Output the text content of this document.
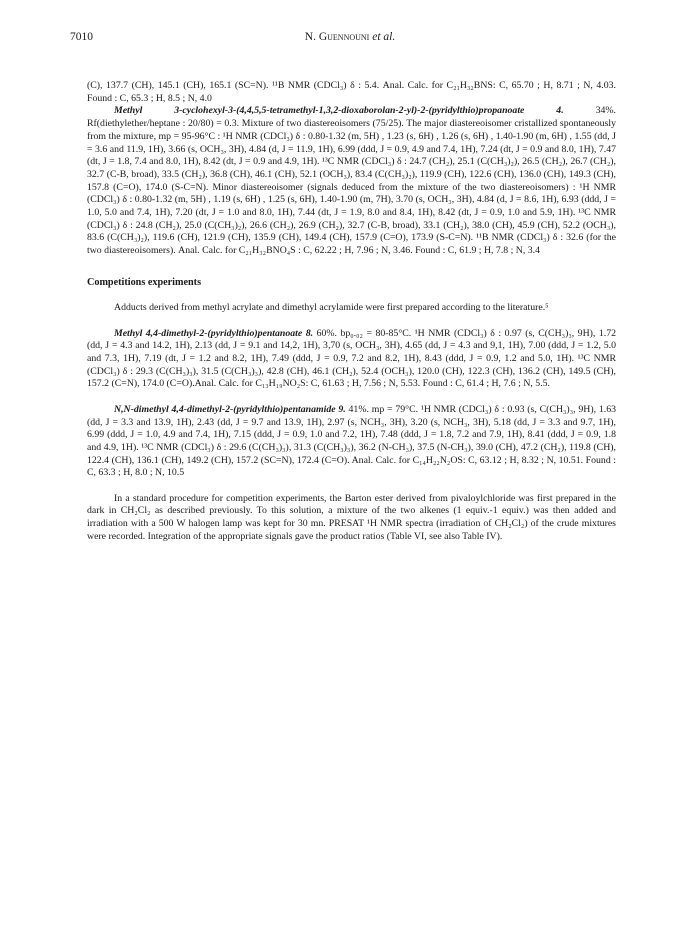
7010	N. Guennouni et al.

(C), 137.7 (CH), 145.1 (CH), 165.1 (SC=N). ¹¹B NMR (CDCl₃) δ : 5.4. Anal. Calc. for C₂₁H₃₂BNS: C, 65.70 ; H, 8.71 ; N, 4.03. Found : C, 65.3 ; H, 8.5 ; N, 4.0

Methyl 3-cyclohexyl-3-(4,4,5,5-tetramethyl-1,3,2-dioxaborolan-2-yl)-2-(pyridylthio)propanoate 4.	34%. Rf(diethylether/heptane : 20/80) = 0.3. Mixture of two diastereoisomers (75/25). The major diastereoisomer cristallized spontaneously from the mixture, mp = 95-96°C : ¹H NMR (CDCl₃) δ : 0.80-1.32 (m, 5H) , 1.23 (s, 6H) , 1.26 (s, 6H) , 1.40-1.90 (m, 6H) , 1.55 (dd, J = 3.6 and 11.9, 1H), 3.66 (s, OCH₃, 3H), 4.84 (d, J = 11.9, 1H), 6.99 (ddd, J = 0.9, 4.9 and 7.4, 1H), 7.24 (dt, J = 0.9 and 8.0, 1H), 7.47 (dt, J = 1.8, 7.4 and 8.0, 1H), 8.42 (dt, J = 0.9 and 4.9, 1H). ¹³C NMR (CDCl₃) δ : 24.7 (CH₂), 25.1 (C(CH₃)₂), 26.5 (CH₂), 26.7 (CH₂), 32.7 (C-B, broad), 33.5 (CH₂), 36.8 (CH), 46.1 (CH), 52.1 (OCH₃), 83.4 (C(CH₃)₂), 119.9 (CH), 122.6 (CH), 136.0 (CH), 149.3 (CH), 157.8 (C=O), 174.0 (S-C=N). Minor diastereoisomer (signals deduced from the mixture of the two diastereoisomers) : ¹H NMR (CDCl₃) δ : 0.80-1.32 (m, 5H) , 1.19 (s, 6H) , 1.25 (s, 6H), 1.40-1.90 (m, 7H), 3.70 (s, OCH₃, 3H), 4.84 (d, J = 8.6, 1H), 6.93 (ddd, J = 1.0, 5.0 and 7.4, 1H), 7.20 (dt, J = 1.0 and 8.0, 1H), 7.44 (dt, J = 1.9, 8.0 and 8.4, 1H), 8.42 (dt, J = 0.9, 1.0 and 5.9, 1H). ¹³C NMR (CDCl₃) δ : 24.8 (CH₂), 25.0 (C(CH₃)₂), 26.6 (CH₂), 26.9 (CH₂), 32.7 (C-B, broad), 33.1 (CH₂), 38.0 (CH), 45.9 (CH), 52.2 (OCH₃), 83.6 (C(CH₃)₂), 119.6 (CH), 121.9 (CH), 135.9 (CH), 149.4 (CH), 157.9 (C=O), 173.9 (S-C=N). ¹¹B NMR (CDCl₃) δ : 32.6 (for the two diastereoisomers). Anal. Calc. for C₂₁H₃₂BNO₄S : C, 62.22 ; H, 7.96 ; N, 3.46. Found : C, 61.9 ; H, 7.8 ; N, 3.4

Competitions experiments

Adducts derived from methyl acrylate and dimethyl acrylamide were first prepared according to the literature.⁵

Methyl 4,4-dimethyl-2-(pyridylthio)pentanoate 8. 60%. bp₀.₀₂ = 80-85°C. ¹H NMR (CDCl₃) δ : 0.97 (s, C(CH₃)₃, 9H), 1.72 (dd, J = 4.3 and 14.2, 1H), 2.13 (dd, J = 9.1 and 14,2, 1H), 3,70 (s, OCH₃, 3H), 4.65 (dd, J = 4.3 and 9,1, 1H), 7.00 (ddd, J = 1.2, 5.0 and 7.3, 1H), 7.19 (dt, J = 1.2 and 8.2, 1H), 7.49 (ddd, J = 0.9, 7.2 and 8.2, 1H), 8.43 (ddd, J = 0.9, 1.2 and 5.0, 1H). ¹³C NMR (CDCl₃) δ : 29.3 (C(CH₃)₃), 31.5 (C(CH₃)₃), 42.8 (CH), 46.1 (CH₂), 52.4 (OCH₃), 120.0 (CH), 122.3 (CH), 136.2 (CH), 149.5 (CH), 157.2 (C=N), 174.0 (C=O).Anal. Calc. for C₁₃H₁₉NO₂S: C, 61.63 ; H, 7.56 ; N, 5.53. Found : C, 61.4 ; H, 7.6 ; N, 5.5.

N,N-dimethyl 4,4-dimethyl-2-(pyridylthio)pentanamide 9. 41%. mp = 79°C. ¹H NMR (CDCl₃) δ : 0.93 (s, C(CH₃)₃, 9H), 1.63 (dd, J = 3.3 and 13.9, 1H), 2.43 (dd, J = 9.7 and 13.9, 1H), 2.97 (s, NCH₃, 3H), 3.20 (s, NCH₃, 3H), 5.18 (dd, J = 3.3 and 9.7, 1H), 6.99 (ddd, J = 1.0, 4.9 and 7.4, 1H), 7.15 (ddd, J = 0.9, 1.0 and 7.2, 1H), 7.48 (ddd, J = 1.8, 7.2 and 7.9, 1H), 8.41 (ddd, J = 0.9, 1.8 and 4.9, 1H). ¹³C NMR (CDCl₃) δ : 29.6 (C(CH₃)₃), 31.3 (C(CH₃)₃), 36.2 (N-CH₃), 37.5 (N-CH₃), 39.0 (CH), 47.2 (CH₂), 119.8 (CH), 122.4 (CH), 136.1 (CH), 149.2 (CH), 157.2 (SC=N), 172.4 (C=O). Anal. Calc. for C₁₄H₂₂N₂OS: C, 63.12 ; H, 8.32 ; N, 10.51. Found : C, 63.3 ; H, 8.0 ; N, 10.5

In a standard procedure for competition experiments, the Barton ester derived from pivaloylchloride was first prepared in the dark in CH₂Cl₂ as described previously. To this solution, a mixture of the two alkenes (1 equiv.-1 equiv.) was then added and irradiation with a 500 W halogen lamp was kept for 30 mn. PRESAT ¹H NMR spectra (irradiation of CH₂Cl₂) of the crude mixtures were recorded. Integration of the appropriate signals gave the product ratios (Table VI, see also Table IV).
